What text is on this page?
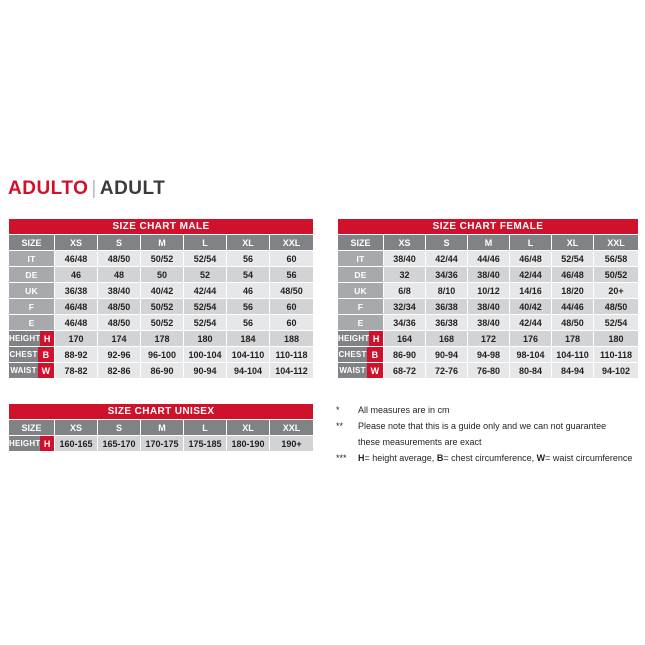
ADULTO | ADULT
SIZE CHART MALE						
SIZE	XS	S	M	L	XL	XXL
IT	46/48	48/50	50/52	52/54	56	60
DE	46	48	50	52	54	56
UK	36/38	38/40	40/42	42/44	46	48/50
F	46/48	48/50	50/52	52/54	56	60
E	46/48	48/50	50/52	52/54	56	60

HEIGHT H	170	174	178	180	184	188

CHEST B	88-92	92-96	96-100	100-104	104-110	110-118

WAIST W	78-82	82-86	86-90	90-94	94-104	104-112
SIZE CHART FEMALE						
SIZE	XS	S	M	L	XL	XXL
IT	38/40	42/44	44/46	46/48	52/54	56/58
DE	32	34/36	38/40	42/44	46/48	50/52
UK	6/8	8/10	10/12	14/16	18/20	20+
F	32/34	36/38	38/40	40/42	44/46	48/50
E	34/36	36/38	38/40	42/44	48/50	52/54

HEIGHT H	164	168	172	176	178	180

CHEST B	86-90	90-94	94-98	98-104	104-110	110-118

WAIST W	68-72	72-76	76-80	80-84	84-94	94-102
SIZE CHART UNISEX						
SIZE	XS	S	M	L	XL	XXL

HEIGHT H	160-165	165-170	170-175	175-185	180-190	190+
*	All measures are in cm
**	Please note that this is a guide only and we can not guarantee
these measurements are exact
***	H= height average, B= chest circumference, W= waist circumference
